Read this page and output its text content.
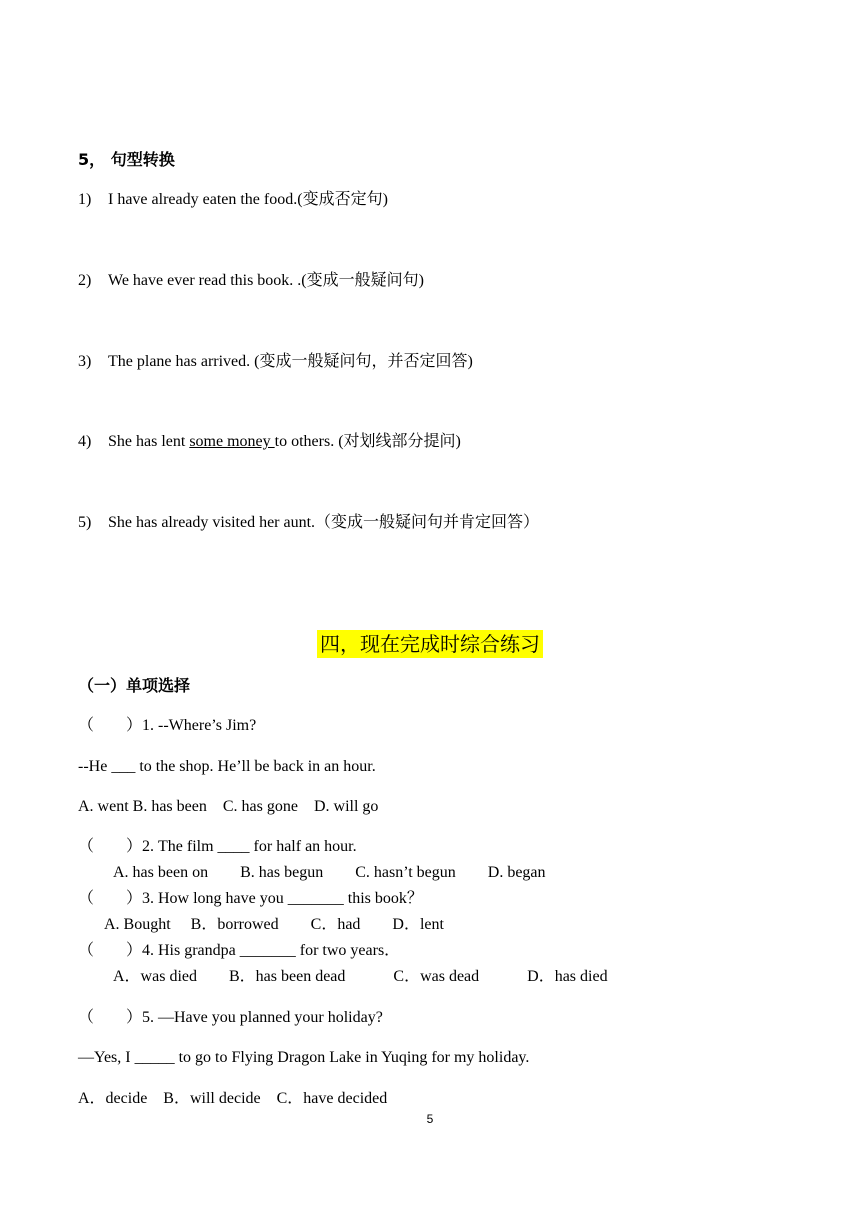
5， 句型转换
1) I have already eaten the food.(变成否定句)
2) We have ever read this book. .(变成一般疑问句)
3) The plane has arrived. (变成一般疑问句，并否定回答)
4) She has lent some money to others. (对划线部分提问)
5) She has already visited her aunt.（变成一般疑问句并肯定回答）
四，现在完成时综合练习
（一）单项选择
（　　）1. --Where’s Jim?
--He ___ to the shop. He’ll be back in an hour.
A. went B. has been　C. has gone　D. will go
（　　）2. The film ____ for half an hour.
A. has been on　　B. has begun　　C. hasn’t begun　　D. began
（　　）3. How long have you _______ this book？
A. Bought　 B．borrowed　　C．had　　D．lent
（　　）4. His grandpa _______ for two years．
A．was died　　B．has been dead　　　C．was dead　　　D．has died
（　　）5. —Have you planned your holiday?
—Yes, I _____ to go to Flying Dragon Lake in Yuqing for my holiday.
A．decide　B．will decide　C．have decided
5
